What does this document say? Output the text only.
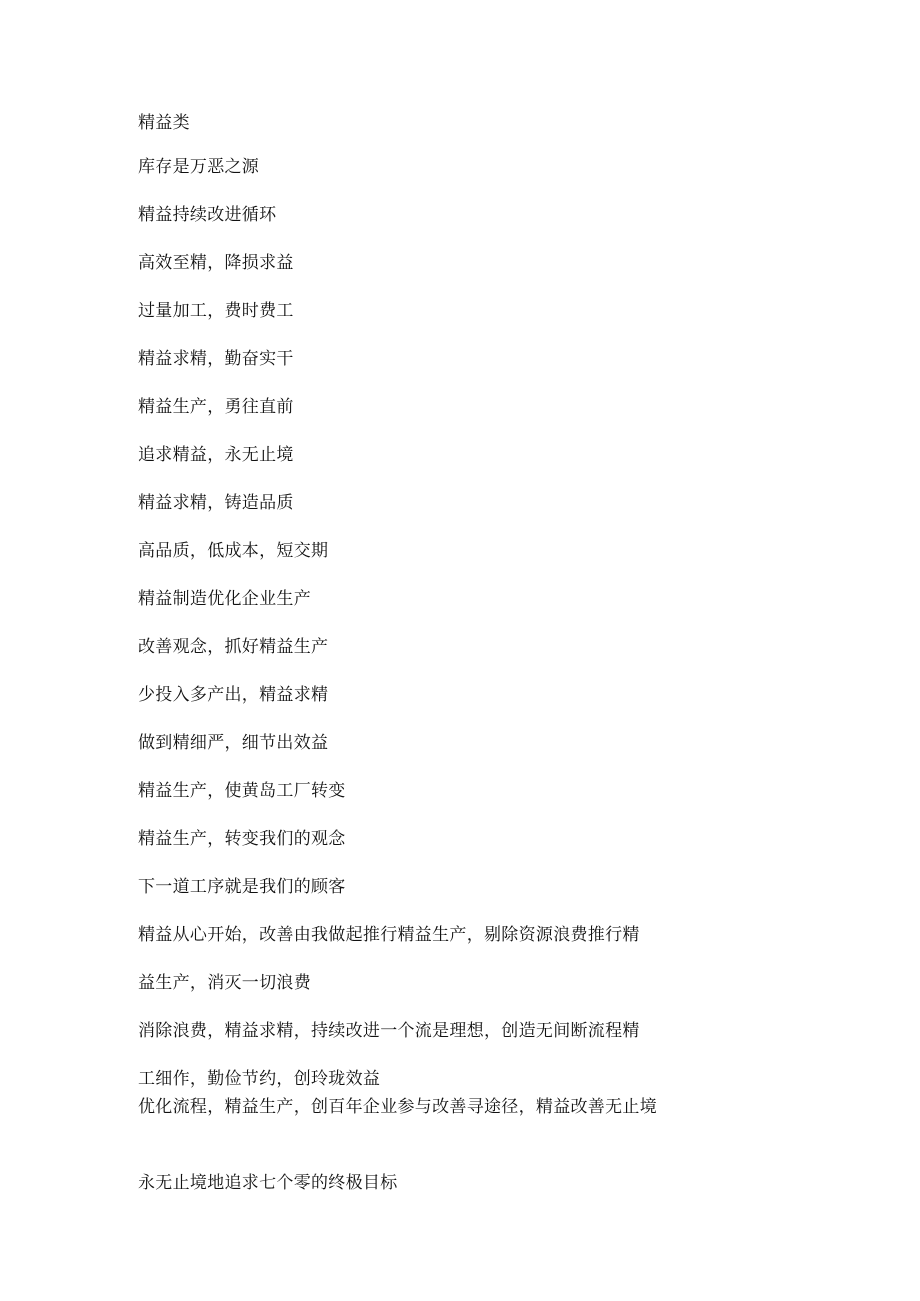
精益类
库存是万恶之源
精益持续改进循环
高效至精，降损求益
过量加工，费时费工
精益求精，勤奋实干
精益生产，勇往直前
追求精益，永无止境
精益求精，铸造品质
高品质，低成本，短交期
精益制造优化企业生产
改善观念，抓好精益生产
少投入多产出，精益求精
做到精细严，细节出效益
精益生产，使黄岛工厂转变
精益生产，转变我们的观念
下一道工序就是我们的顾客
精益从心开始，改善由我做起推行精益生产，剔除资源浪费推行精
益生产，消灭一切浪费
消除浪费，精益求精，持续改进一个流是理想，创造无间断流程精
工细作，勤俭节约，创玲珑效益
优化流程，精益生产，创百年企业参与改善寻途径，精益改善无止境
永无止境地追求七个零的终极目标
